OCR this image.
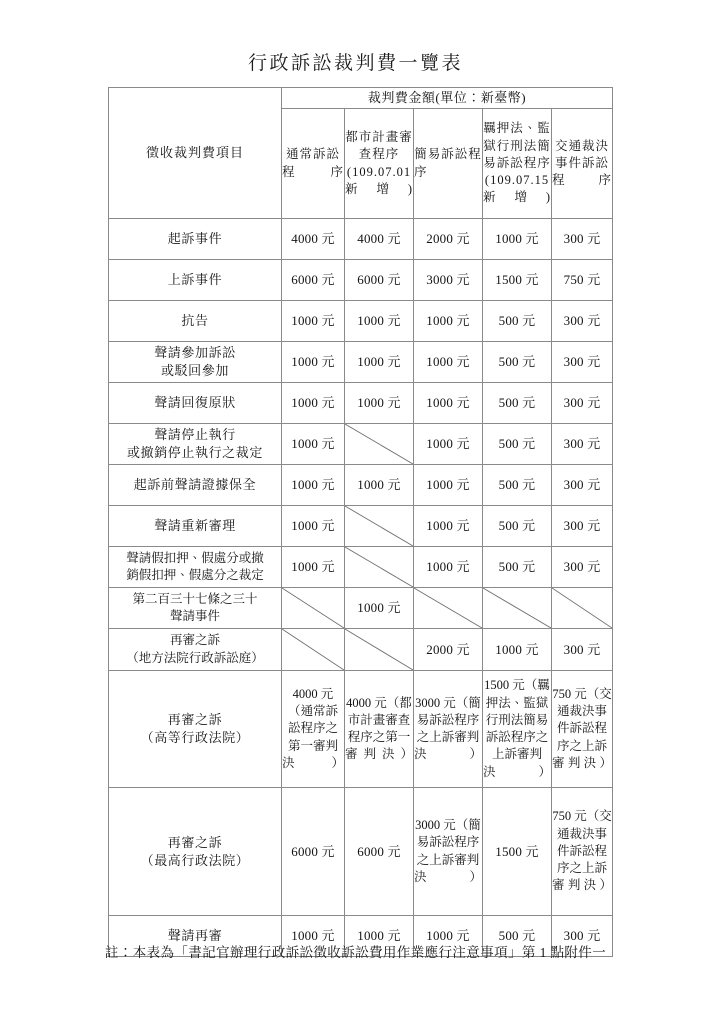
行政訴訟裁判費一覽表
徵收裁判費項目	裁判費金額(單位：新臺幣)				
	通常訴訟程序	都市計畫審查程序 (109.07.01 新增)	簡易訴訟程序	羈押法、監獄行刑法簡易訴訟程序 (109.07.15 新增)	交通裁決事件訴訟程序
起訴事件	4000 元	4000 元	2000 元	1000 元	300 元
上訴事件	6000 元	6000 元	3000 元	1500 元	750 元
抗告	1000 元	1000 元	1000 元	500 元	300 元

聲請參加訴訟
或駁回參加	1000 元	1000 元	1000 元	500 元	300 元
聲請回復原狀	1000 元	1000 元	1000 元	500 元	300 元

聲請停止執行
或撤銷停止執行之裁定	1000 元		1000 元	500 元	300 元
起訴前聲請證據保全	1000 元	1000 元	1000 元	500 元	300 元
聲請重新審理	1000 元		1000 元	500 元	300 元

聲請假扣押、假處分或撤
銷假扣押、假處分之裁定	1000 元		1000 元	500 元	300 元

第二百三十七條之三十
聲請事件		1000 元	

再審之訴
（地方法院行政訴訟庭）			2000 元	1000 元	300 元

再審之訴
（高等行政法院）	4000 元（通常訴訟程序之第一審判決）	4000 元（都市計畫審查程序之第一審判決）	3000 元（簡易訴訟程序之上訴審判決）	1500 元（羈押法、監獄行刑法簡易訴訟程序之上訴審判決）	750 元（交通裁決事件訴訟程序之上訴審判決）

再審之訴
（最高行政法院）	6000 元	6000 元	3000 元（簡易訴訟程序之上訴審判決）	1500 元	750 元（交通裁決事件訴訟程序之上訴審判決）
聲請再審	1000 元	1000 元	1000 元	500 元	300 元
註：本表為「書記官辦理行政訴訟徵收訴訟費用作業應行注意事項」第 1 點附件一
